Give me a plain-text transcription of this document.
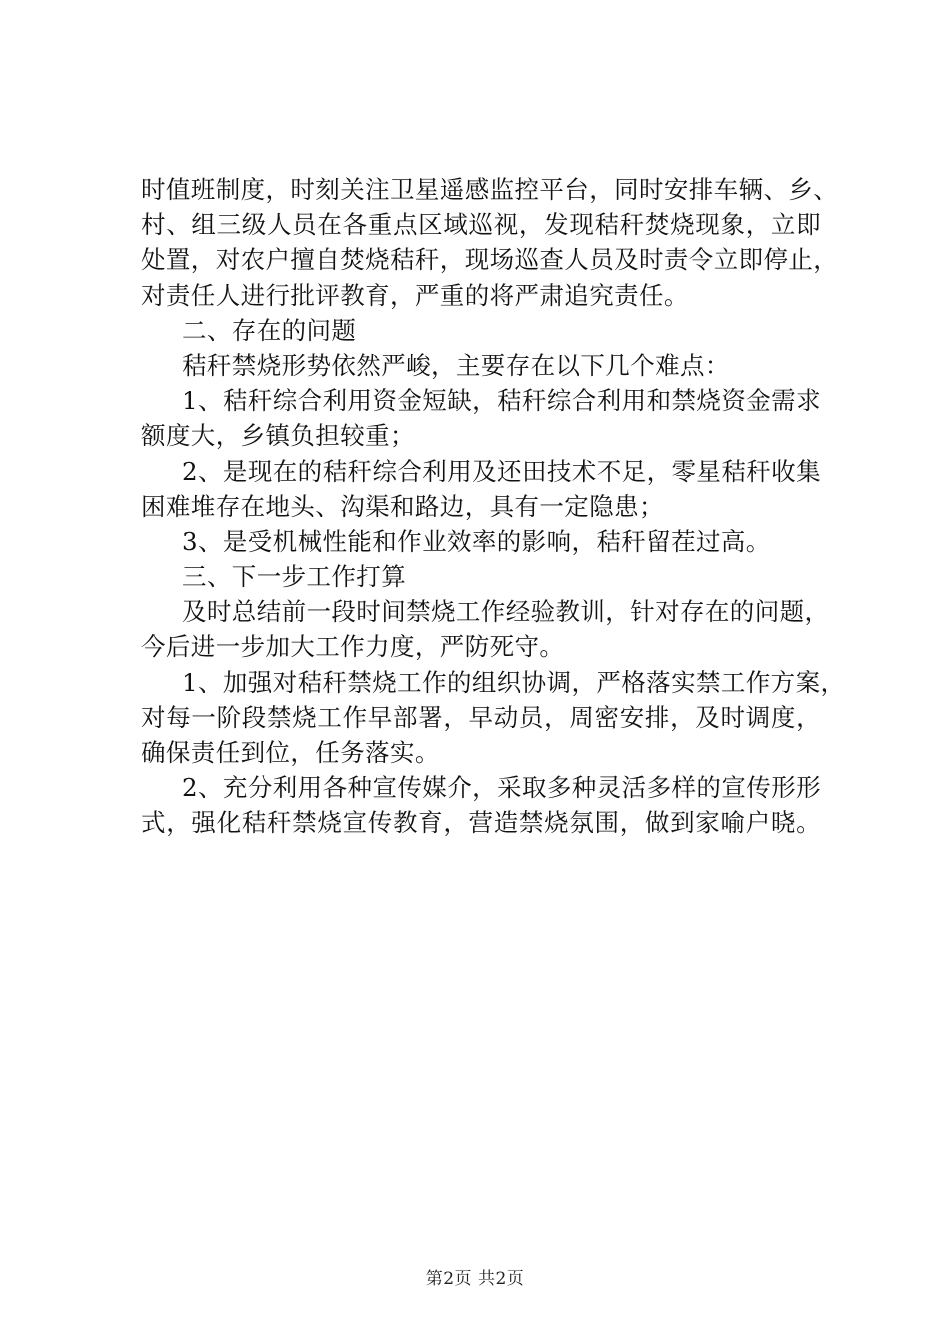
时值班制度，时刻关注卫星遥感监控平台，同时安排车辆、乡、
村、组三级人员在各重点区域巡视，发现秸秆焚烧现象，立即
处置，对农户擅自焚烧秸秆，现场巡查人员及时责令立即停止，
对责任人进行批评教育，严重的将严肃追究责任。
二、存在的问题
秸秆禁烧形势依然严峻，主要存在以下几个难点：
1、秸秆综合利用资金短缺，秸秆综合利用和禁烧资金需求
额度大，乡镇负担较重；
2、是现在的秸秆综合利用及还田技术不足，零星秸秆收集
困难堆存在地头、沟渠和路边，具有一定隐患；
3、是受机械性能和作业效率的影响，秸秆留茬过高。
三、下一步工作打算
及时总结前一段时间禁烧工作经验教训，针对存在的问题，
今后进一步加大工作力度，严防死守。
1、加强对秸秆禁烧工作的组织协调，严格落实禁工作方案，
对每一阶段禁烧工作早部署，早动员，周密安排，及时调度，
确保责任到位，任务落实。
2、充分利用各种宣传媒介，采取多种灵活多样的宣传形形
式，强化秸秆禁烧宣传教育，营造禁烧氛围，做到家喻户晓。
第2页 共2页
